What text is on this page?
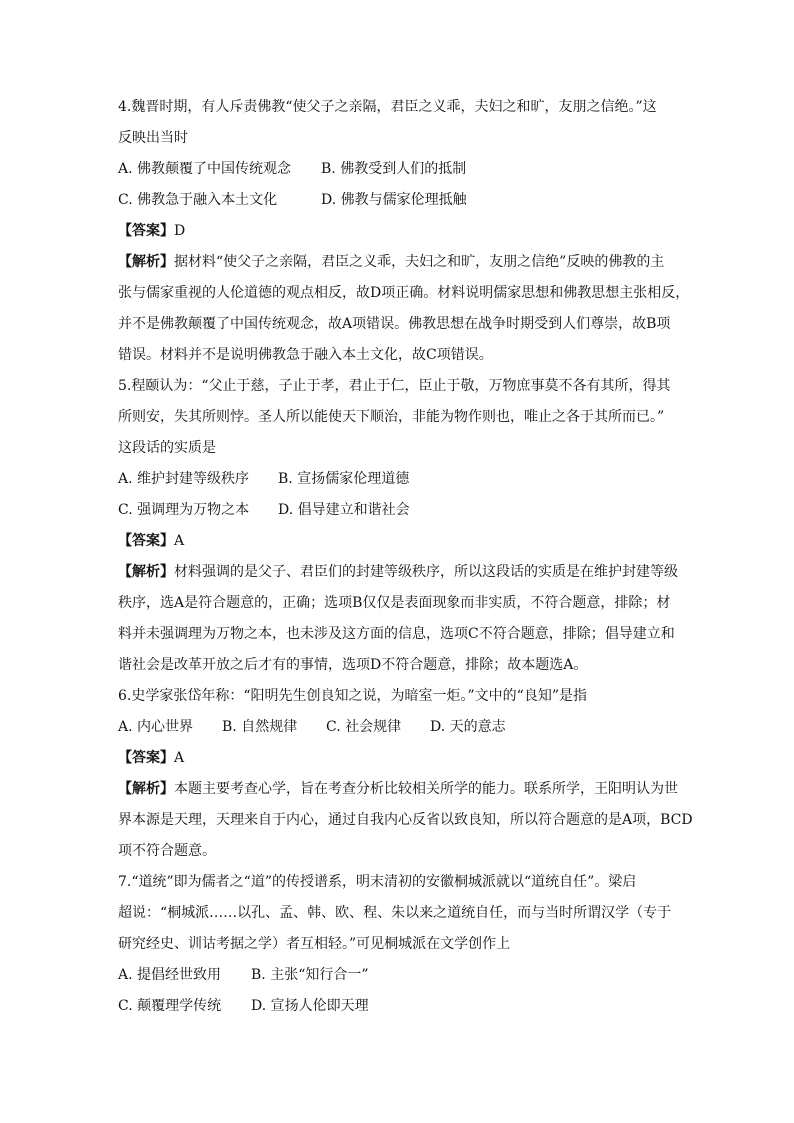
4.魏晋时期，有人斥责佛教“使父子之亲隔，君臣之义乖，夫妇之和旷，友朋之信绝。”这

反映出当时

A. 佛教颠覆了中国传统观念	B. 佛教受到人们的抵制
C. 佛教急于融入本土文化	D. 佛教与儒家伦理抵触

【答案】D

【解析】据材料“使父子之亲隔，君臣之义乖，夫妇之和旷，友朋之信绝”反映的佛教的主

张与儒家重视的人伦道德的观点相反，故D项正确。材料说明儒家思想和佛教思想主张相反，

并不是佛教颠覆了中国传统观念，故A项错误。佛教思想在战争时期受到人们尊崇，故B项

错误。材料并不是说明佛教急于融入本土文化，故C项错误。

5.程颐认为：“父止于慈，子止于孝，君止于仁，臣止于敬，万物庶事莫不各有其所，得其

所则安，失其所则悖。圣人所以能使天下顺治，非能为物作则也，唯止之各于其所而已。”

这段话的实质是

A. 维护封建等级秩序	B. 宣扬儒家伦理道德
C. 强调理为万物之本	D. 倡导建立和谐社会

【答案】A

【解析】材料强调的是父子、君臣们的封建等级秩序，所以这段话的实质是在维护封建等级

秩序，选A是符合题意的，正确；选项B仅仅是表面现象而非实质，不符合题意，排除；材

料并未强调理为万物之本，也未涉及这方面的信息，选项C不符合题意，排除；倡导建立和

谐社会是改革开放之后才有的事情，选项D不符合题意，排除；故本题选A。

6.史学家张岱年称：“阳明先生创良知之说，为暗室一炬。”文中的“良知”是指

A. 内心世界	B. 自然规律	C. 社会规律	D. 天的意志

【答案】A

【解析】本题主要考查心学，旨在考查分析比较相关所学的能力。联系所学，王阳明认为世

界本源是天理，天理来自于内心，通过自我内心反省以致良知，所以符合题意的是A项，BCD

项不符合题意。

7.“道统”即为儒者之“道”的传授谱系，明末清初的安徽桐城派就以“道统自任”。梁启

超说：“桐城派……以孔、孟、韩、欧、程、朱以来之道统自任，而与当时所谓汉学（专于

研究经史、训诂考据之学）者互相轻。”可见桐城派在文学创作上

A. 提倡经世致用	B. 主张“知行合一”
C. 颠覆理学传统	D. 宣扬人伦即天理
